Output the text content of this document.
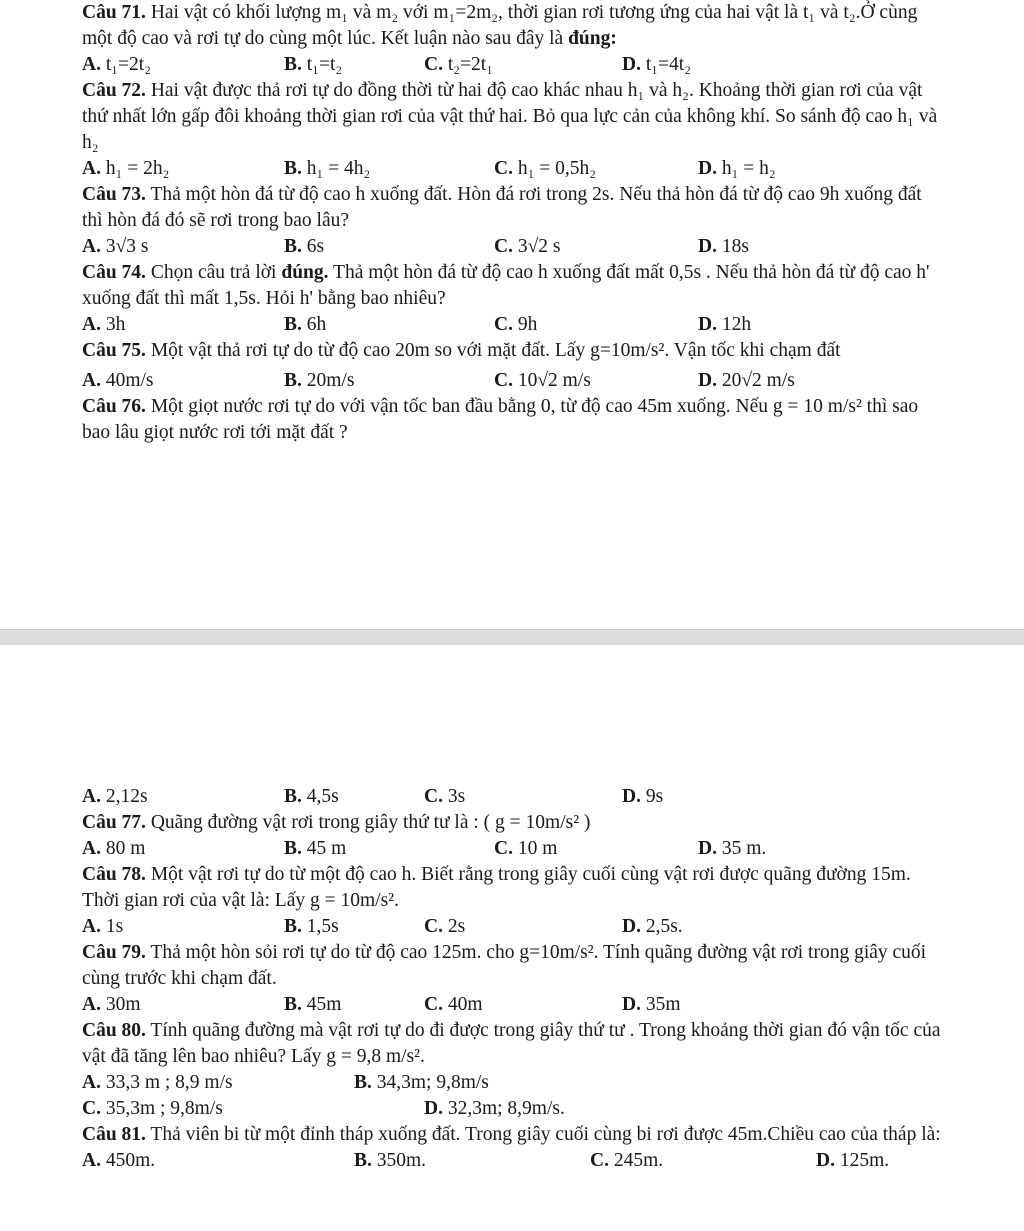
Câu 71. Hai vật có khối lượng m₁ và m₂ với m₁=2m₂, thời gian rơi tương ứng của hai vật là t₁ và t₂.Ở cùng một độ cao và rơi tự do cùng một lúc. Kết luận nào sau đây là đúng:

A. t₁=2t₂	B. t₁=t₂	C. t₂=2t₁	D. t₁=4t₂

Câu 72. Hai vật được thả rơi tự do đồng thời từ hai độ cao khác nhau h₁ và h₂. Khoảng thời gian rơi của vật thứ nhất lớn gấp đôi khoảng thời gian rơi của vật thứ hai. Bỏ qua lực cản của không khí. So sánh độ cao h₁ và h₂

A. h₁ = 2h₂	B. h₁ = 4h₂	C. h₁ = 0,5h₂	D. h₁ = h₂

Câu 73. Thả một hòn đá từ độ cao h xuống đất. Hòn đá rơi trong 2s. Nếu thả hòn đá từ độ cao 9h xuống đất thì hòn đá đó sẽ rơi trong bao lâu?

A. 3√3 s	B. 6s	C. 3√2 s	D. 18s

Câu 74. Chọn câu trả lời đúng. Thả một hòn đá từ độ cao h xuống đất mất 0,5s . Nếu thả hòn đá từ độ cao h' xuống đất thì mất 1,5s. Hỏi h' bằng bao nhiêu?

A. 3h	B. 6h	C. 9h	D. 12h

Câu 75. Một vật thả rơi tự do từ độ cao 20m so với mặt đất. Lấy g=10m/s². Vận tốc khi chạm đất

A. 40m/s	B. 20m/s	C. 10√2 m/s	D. 20√2 m/s

Câu 76. Một giọt nước rơi tự do với vận tốc ban đầu bằng 0, từ độ cao 45m xuống. Nếu g = 10 m/s² thì sao bao lâu giọt nước rơi tới mặt đất ?

A. 2,12s	B. 4,5s	C. 3s	D. 9s

Câu 77. Quãng đường vật rơi trong giây thứ tư là : ( g = 10m/s² )

A. 80 m	B. 45 m	C. 10 m	D. 35 m.

Câu 78. Một vật rơi tự do từ một độ cao h. Biết rằng trong giây cuối cùng vật rơi được quãng đường 15m. Thời gian rơi của vật là: Lấy g = 10m/s².

A. 1s	B. 1,5s	C. 2s	D. 2,5s.

Câu 79. Thả một hòn sỏi rơi tự do từ độ cao 125m. cho g=10m/s². Tính quãng đường vật rơi trong giây cuối cùng trước khi chạm đất.

A. 30m	B. 45m	C. 40m	D. 35m

Câu 80. Tính quãng đường mà vật rơi tự do đi được trong giây thứ tư . Trong khoảng thời gian đó vận tốc của vật đã tăng lên bao nhiêu? Lấy g = 9,8 m/s².

A. 33,3 m ; 8,9 m/s	B. 34,3m; 9,8m/s
C. 35,3m ; 9,8m/s	D. 32,3m; 8,9m/s.

Câu 81. Thả viên bi từ một đỉnh tháp xuống đất. Trong giây cuối cùng bi rơi được 45m.Chiều cao của tháp là:

A. 450m.	B. 350m.	C. 245m.	D. 125m.
